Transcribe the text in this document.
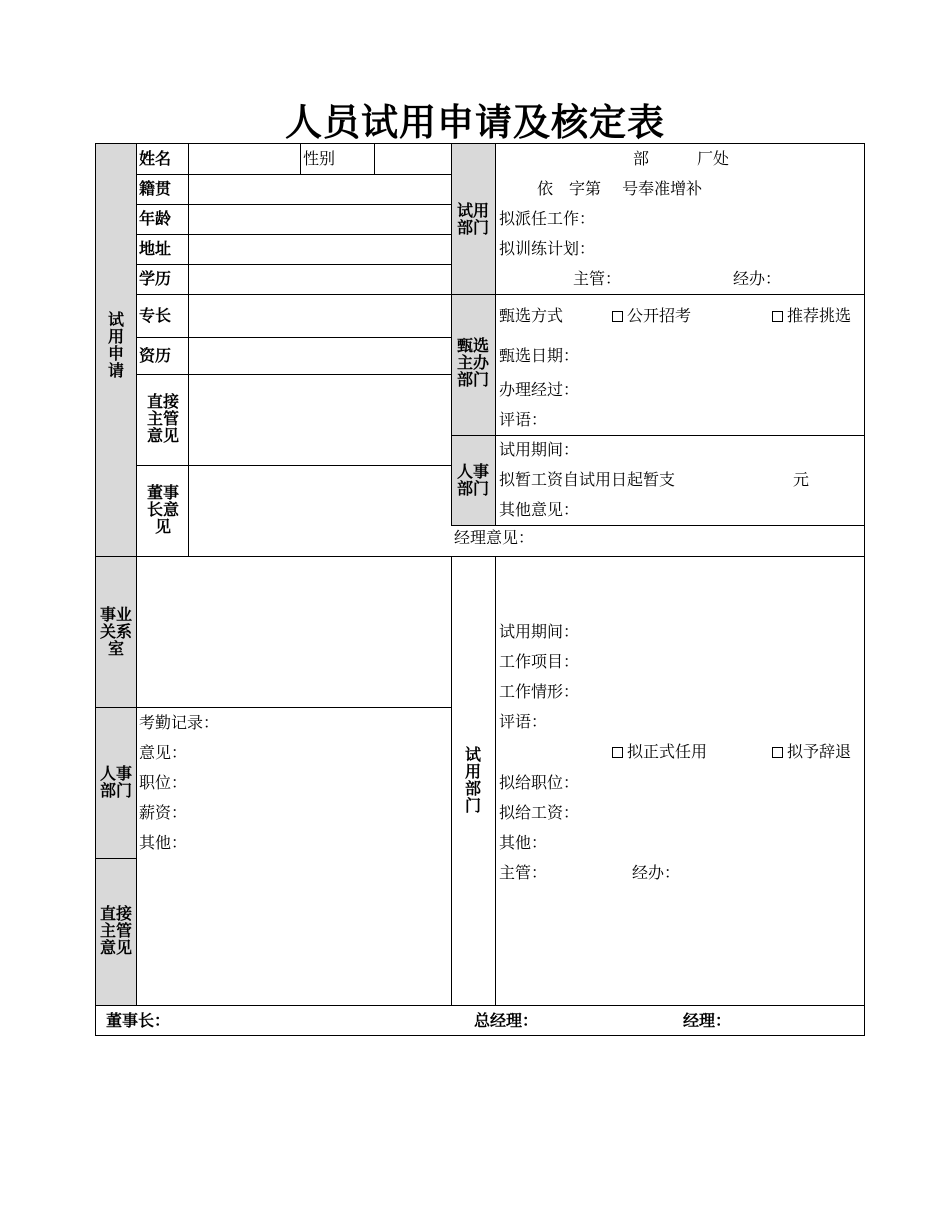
人员试用申请及核定表
试用申请
姓名	性别
籍贯
年龄
地址
学历
专长
资历
直接主管意见
董事长意见
试用部门
部	厂处
依　字第　 号奉准增补
拟派任工作：
拟训练计划：
主管：	经办：
甄选主办部门
甄选方式	公开招考	推荐挑选
甄选日期：
办理经过：
评语：
人事部门
试用期间：
拟暂工资自试用日起暂支	元
其他意见：
经理意见：
事业关系室
人事部门
考勤记录：
意见：
职位：
薪资：
其他：
直接主管意见
试用部门
试用期间：
工作项目：
工作情形：
评语：
拟正式任用	拟予辞退
拟给职位：
拟给工资：
其他：
主管：	经办：
董事长：	总经理：	经理：
